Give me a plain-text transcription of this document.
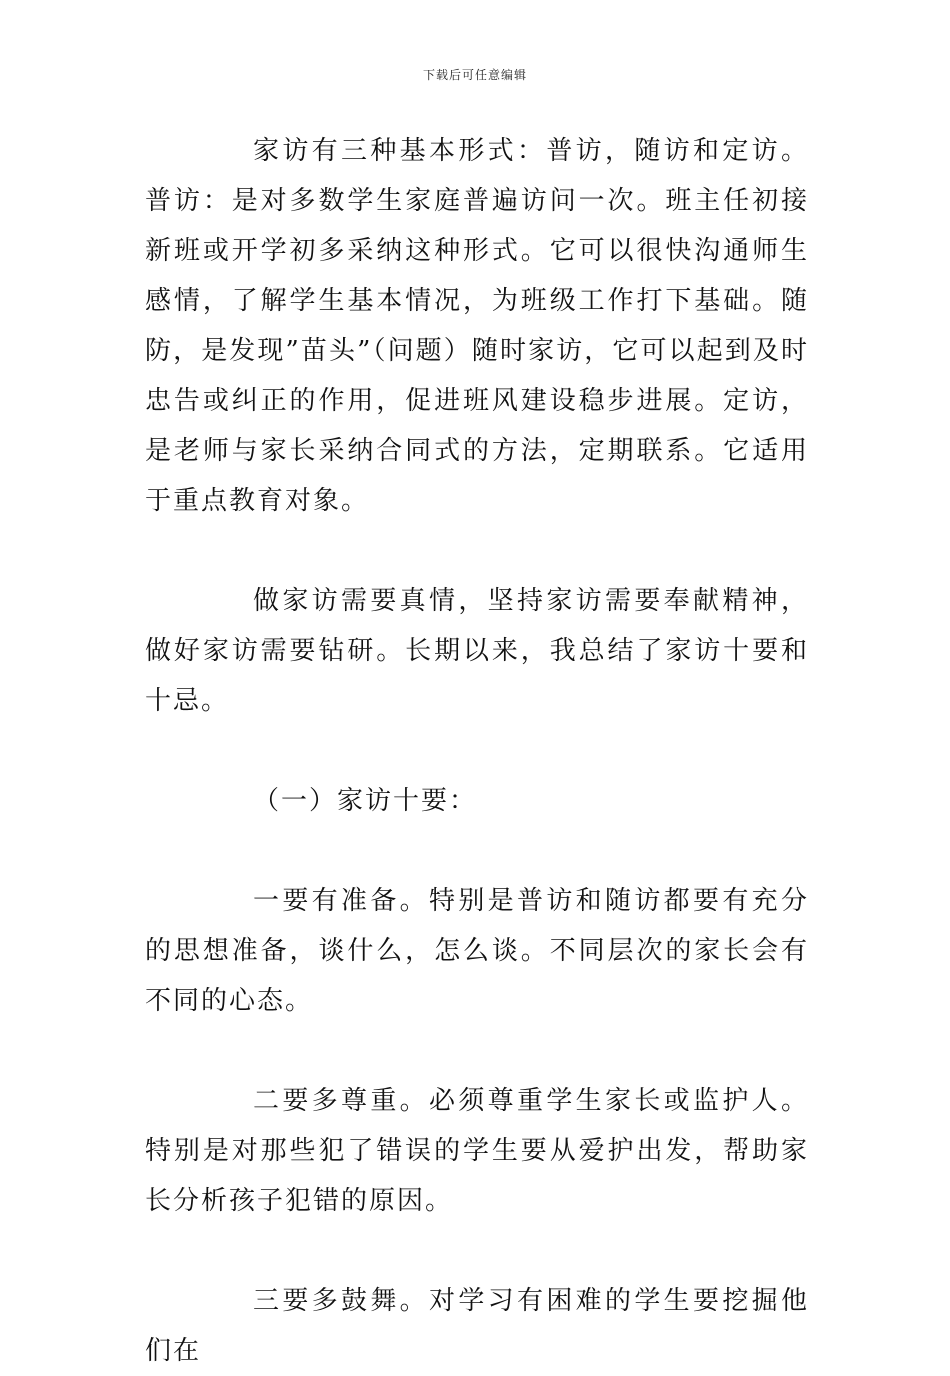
下载后可任意编辑

家访有三种基本形式：普访，随访和定访。普访：是对多数学生家庭普遍访问一次。班主任初接新班或开学初多采纳这种形式。它可以很快沟通师生感情，了解学生基本情况，为班级工作打下基础。随防，是发现”苗头”（问题）随时家访，它可以起到及时忠告或纠正的作用，促进班风建设稳步进展。定访，是老师与家长采纳合同式的方法，定期联系。它适用于重点教育对象。

做家访需要真情，坚持家访需要奉献精神，做好家访需要钻研。长期以来，我总结了家访十要和十忌。

（一）家访十要：

一要有准备。特别是普访和随访都要有充分的思想准备，谈什么，怎么谈。不同层次的家长会有不同的心态。

二要多尊重。必须尊重学生家长或监护人。特别是对那些犯了错误的学生要从爱护出发，帮助家长分析孩子犯错的原因。

三要多鼓舞。对学习有困难的学生要挖掘他们在
